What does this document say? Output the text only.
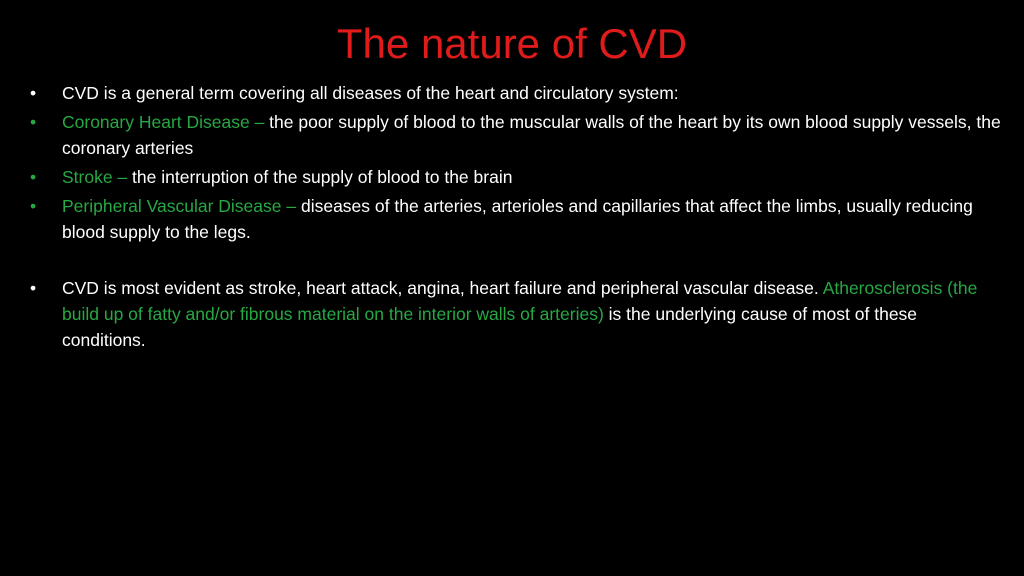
The nature of CVD
•	CVD is a general term covering all diseases of the heart and circulatory system:
•	Coronary Heart Disease – the poor supply of blood to the muscular walls of the heart by its own blood supply vessels, the coronary arteries
•	Stroke – the interruption of the supply of blood to the brain
•	Peripheral Vascular Disease – diseases of the arteries, arterioles and capillaries that affect the limbs, usually reducing blood supply to the legs.
•	CVD is most evident as stroke, heart attack, angina, heart failure and peripheral vascular disease. Atherosclerosis (the build up of fatty and/or fibrous material on the interior walls of arteries) is the underlying cause of most of these conditions.
